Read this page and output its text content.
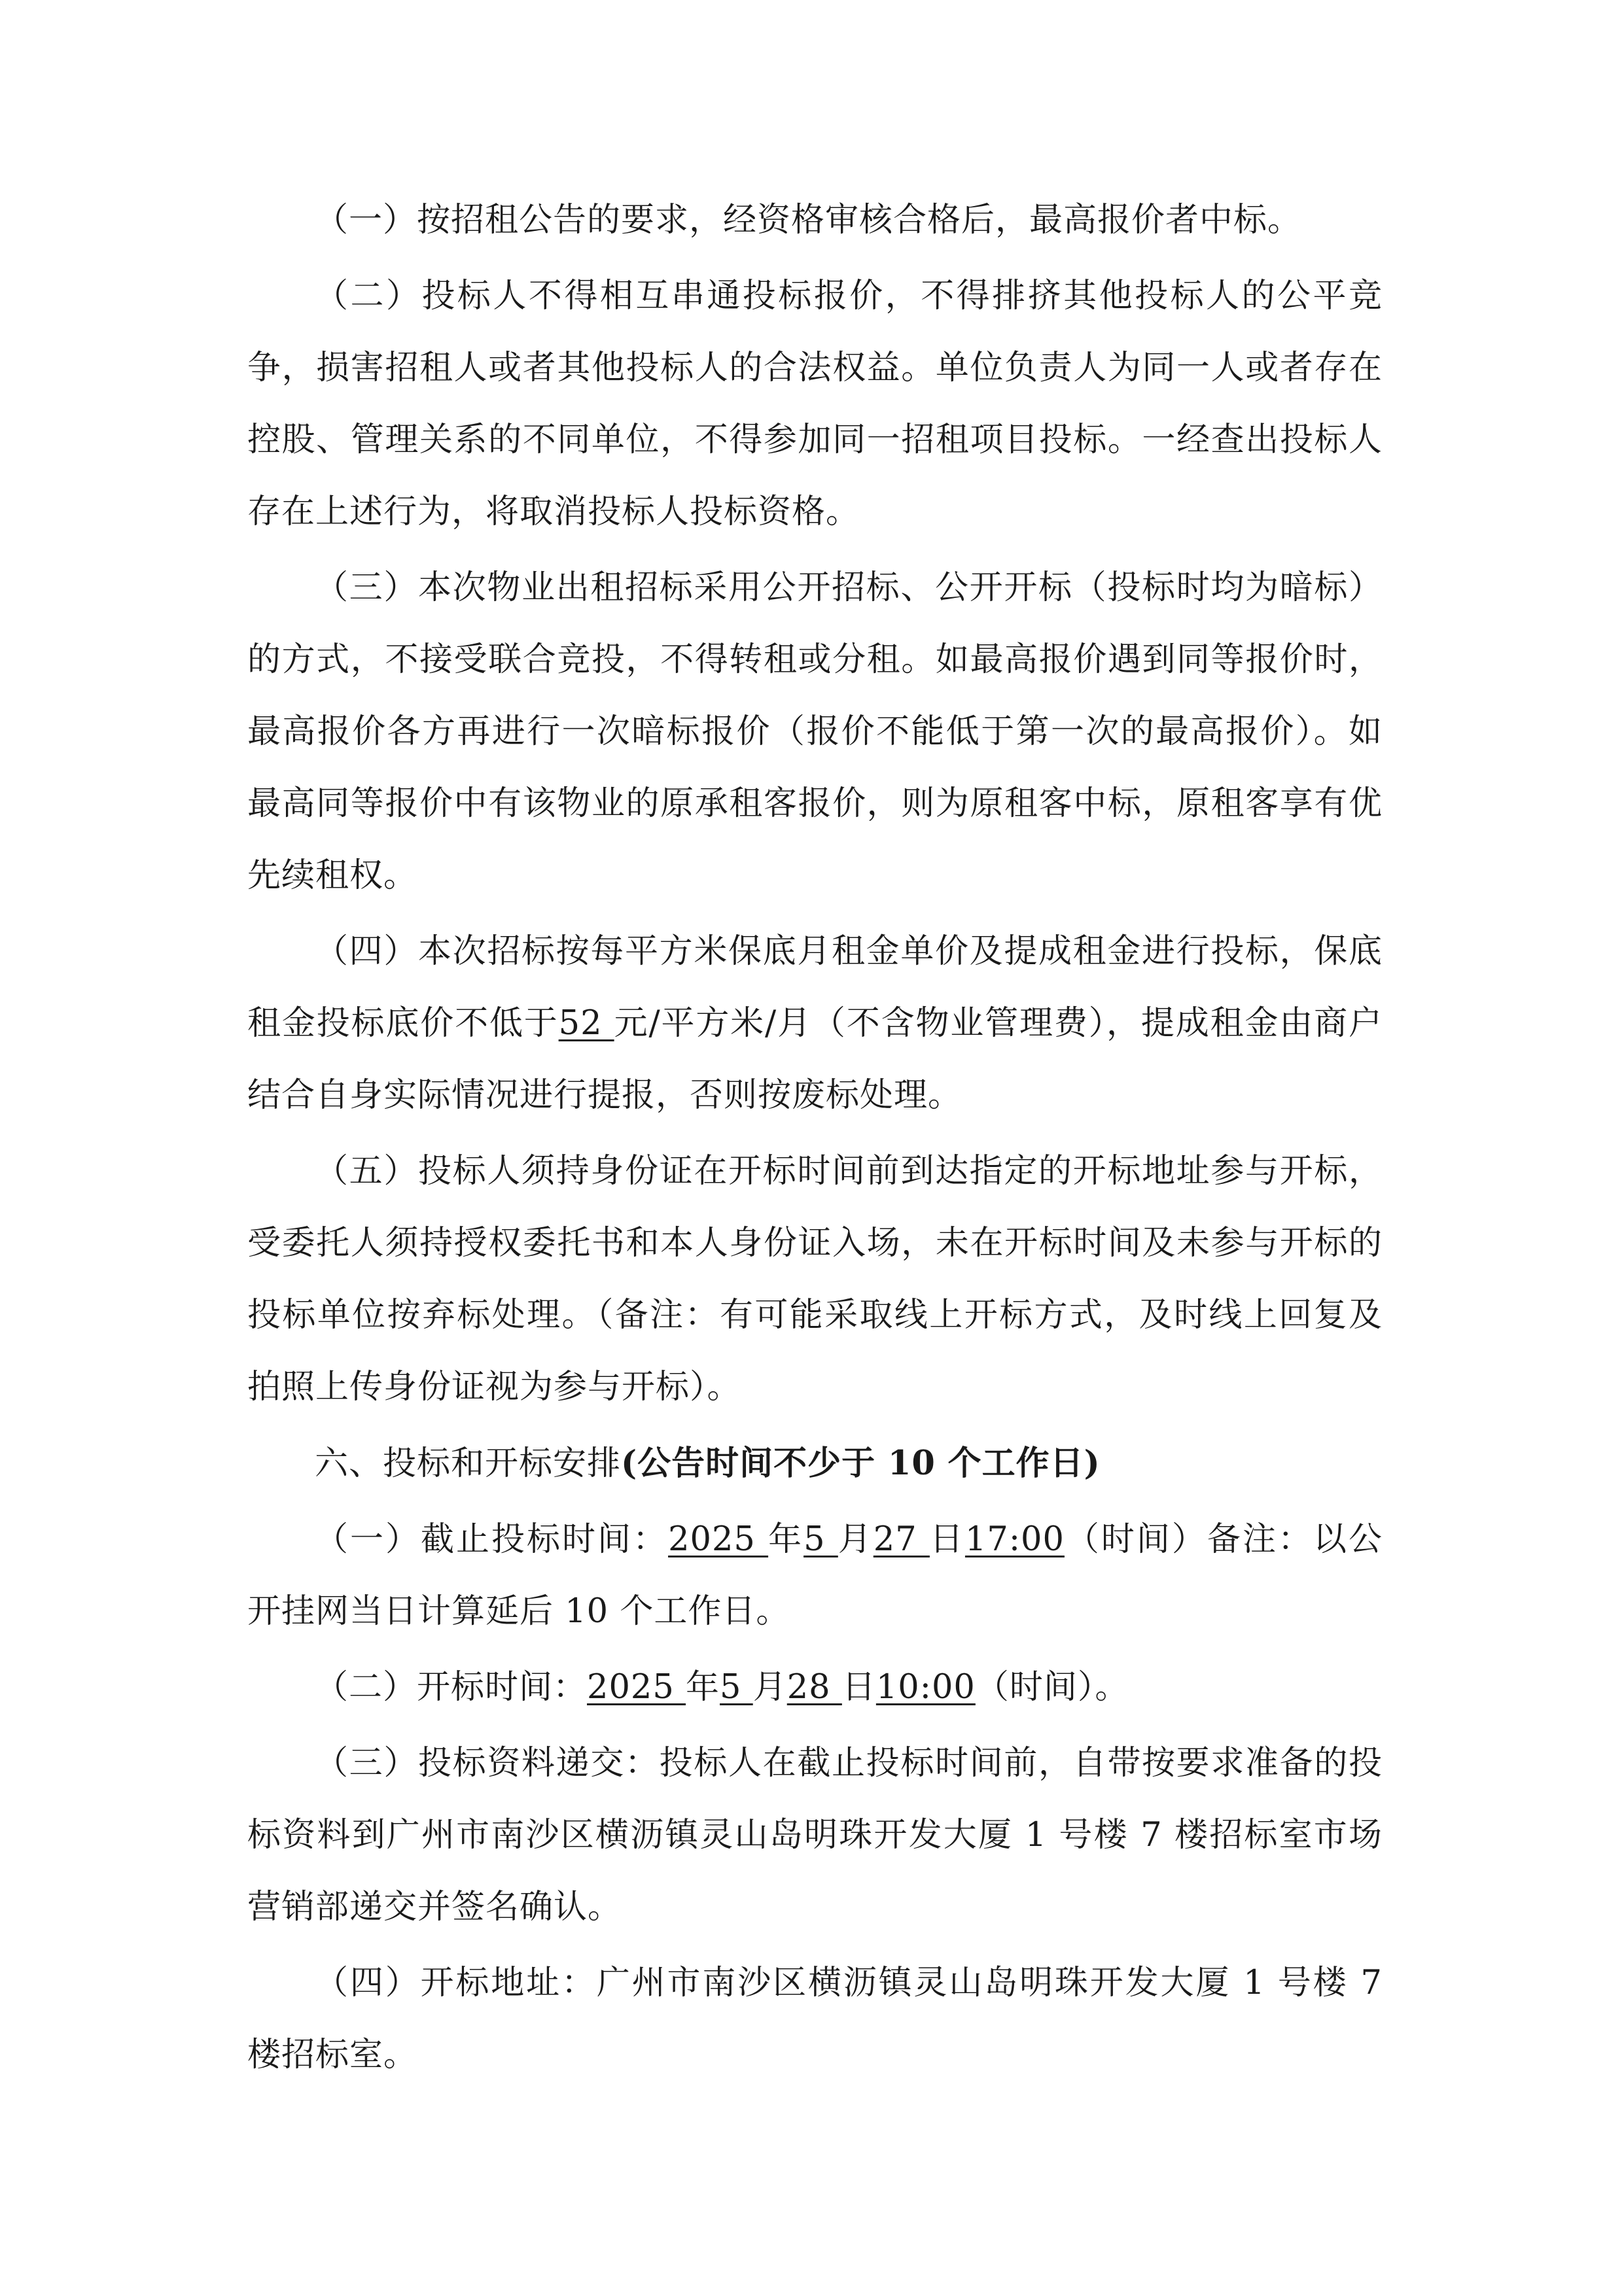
（一）按招租公告的要求，经资格审核合格后，最高报价者中标。

（二）投标人不得相互串通投标报价，不得排挤其他投标人的公平竞争，损害招租人或者其他投标人的合法权益。单位负责人为同一人或者存在控股、管理关系的不同单位，不得参加同一招租项目投标。一经查出投标人存在上述行为，将取消投标人投标资格。

（三）本次物业出租招标采用公开招标、公开开标（投标时均为暗标）的方式，不接受联合竞投，不得转租或分租。如最高报价遇到同等报价时，最高报价各方再进行一次暗标报价（报价不能低于第一次的最高报价）。如最高同等报价中有该物业的原承租客报价，则为原租客中标，原租客享有优先续租权。

（四）本次招标按每平方米保底月租金单价及提成租金进行投标，保底租金投标底价不低于52 元/平方米/月（不含物业管理费），提成租金由商户结合自身实际情况进行提报，否则按废标处理。

（五）投标人须持身份证在开标时间前到达指定的开标地址参与开标，受委托人须持授权委托书和本人身份证入场，未在开标时间及未参与开标的投标单位按弃标处理。（备注：有可能采取线上开标方式，及时线上回复及拍照上传身份证视为参与开标）。

六、投标和开标安排(公告时间不少于 10 个工作日)

（一）截止投标时间：2025 年5 月27 日17:00（时间）备注：以公开挂网当日计算延后 10 个工作日。

（二）开标时间：2025 年5 月28 日10:00（时间）。

（三）投标资料递交：投标人在截止投标时间前，自带按要求准备的投标资料到广州市南沙区横沥镇灵山岛明珠开发大厦 1 号楼 7 楼招标室市场营销部递交并签名确认。

（四）开标地址：广州市南沙区横沥镇灵山岛明珠开发大厦 1 号楼 7 楼招标室。
